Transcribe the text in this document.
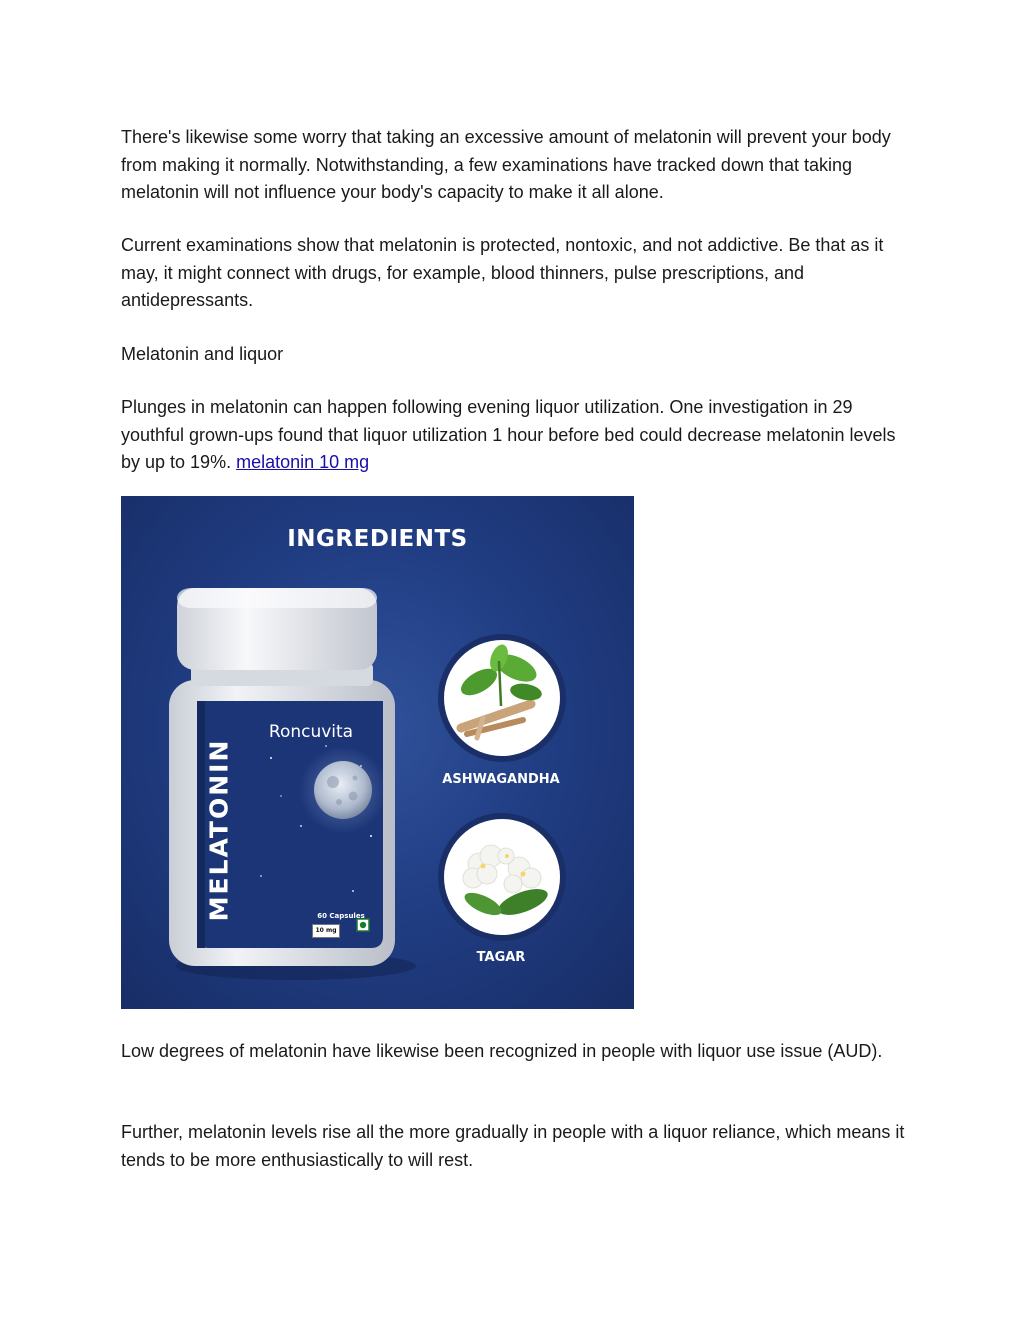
There's likewise some worry that taking an excessive amount of melatonin will prevent your body from making it normally. Notwithstanding, a few examinations have tracked down that taking melatonin will not influence your body's capacity to make it all alone.

Current examinations show that melatonin is protected, nontoxic, and not addictive. Be that as it may, it might connect with drugs, for example, blood thinners, pulse prescriptions, and antidepressants.

Melatonin and liquor

Plunges in melatonin can happen following evening liquor utilization. One investigation in 29 youthful grown-ups found that liquor utilization 1 hour before bed could decrease melatonin levels by up to 19%. melatonin 10 mg

INGREDIENTS
Roncuvita
MELATONIN	60 Capsules
10 mg
ASHWAGANDHA
TAGAR

Low degrees of melatonin have likewise been recognized in people with liquor use issue (AUD).

Further, melatonin levels rise all the more gradually in people with a liquor reliance, which means it tends to be more enthusiastically to will rest.
